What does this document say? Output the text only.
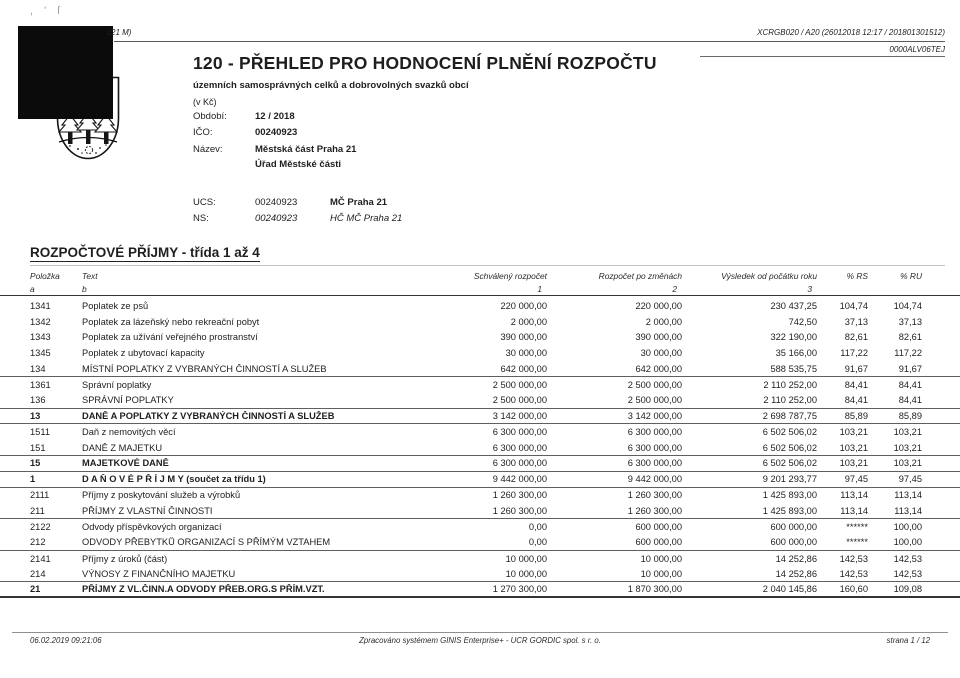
, ' ſ
c21 M)	XCRGB020 / A20 (26012018 12:17 / 201801301512)
0000ALV06TEJ
120 - PŘEHLED PRO HODNOCENÍ PLNĚNÍ ROZPOČTU
územních samosprávných celků a dobrovolných svazků obcí
(v Kč)
Období:	12 / 2018
IČO:	00240923
Název:	Městská část Praha 21
Úřad Městské části
UCS:	00240923	MČ Praha 21
NS:	00240923	HČ MČ Praha 21
ROZPOČTOVÉ PŘÍJMY - třída 1 až 4
Položka	Text	Schválený rozpočet	Rozpočet po změnách	Výsledek od počátku roku	% RS	% RU
a	b	1	2	3
1341	Poplatek ze psů	220 000,00	220 000,00	230 437,25	104,74	104,74
1342	Poplatek za lázeňský nebo rekreační pobyt	2 000,00	2 000,00	742,50	37,13	37,13
1343	Poplatek za užívání veřejného prostranství	390 000,00	390 000,00	322 190,00	82,61	82,61
1345	Poplatek z ubytovací kapacity	30 000,00	30 000,00	35 166,00	117,22	117,22
134	MÍSTNÍ POPLATKY Z VYBRANÝCH ČINNOSTÍ A SLUŽEB	642 000,00	642 000,00	588 535,75	91,67	91,67
1361	Správní poplatky	2 500 000,00	2 500 000,00	2 110 252,00	84,41	84,41
136	SPRÁVNÍ POPLATKY	2 500 000,00	2 500 000,00	2 110 252,00	84,41	84,41
13	DANĚ A POPLATKY Z VYBRANÝCH ČINNOSTÍ A SLUŽEB	3 142 000,00	3 142 000,00	2 698 787,75	85,89	85,89
1511	Daň z nemovitých věcí	6 300 000,00	6 300 000,00	6 502 506,02	103,21	103,21
151	DANĚ Z MAJETKU	6 300 000,00	6 300 000,00	6 502 506,02	103,21	103,21
15	MAJETKOVÉ DANĚ	6 300 000,00	6 300 000,00	6 502 506,02	103,21	103,21
1	D A Ň O V É P Ř Í J M Y (součet za třídu 1)	9 442 000,00	9 442 000,00	9 201 293,77	97,45	97,45
2111	Příjmy z poskytování služeb a výrobků	1 260 300,00	1 260 300,00	1 425 893,00	113,14	113,14
211	PŘÍJMY Z VLASTNÍ ČINNOSTI	1 260 300,00	1 260 300,00	1 425 893,00	113,14	113,14
2122	Odvody příspěvkových organizací	0,00	600 000,00	600 000,00	******	100,00
212	ODVODY PŘEBYTKŮ ORGANIZACÍ S PŘÍMÝM VZTAHEM	0,00	600 000,00	600 000,00	******	100,00
2141	Příjmy z úroků (část)	10 000,00	10 000,00	14 252,86	142,53	142,53
214	VÝNOSY Z FINANČNÍHO MAJETKU	10 000,00	10 000,00	14 252,86	142,53	142,53
21	PŘÍJMY Z VL.ČINN.A ODVODY PŘEB.ORG.S PŘÍM.VZT.	1 270 300,00	1 870 300,00	2 040 145,86	160,60	109,08
06.02.2019 09:21:06	Zpracováno systémem GINIS Enterprise+ - UCR GORDIC spol. s r. o.	strana 1 / 12
